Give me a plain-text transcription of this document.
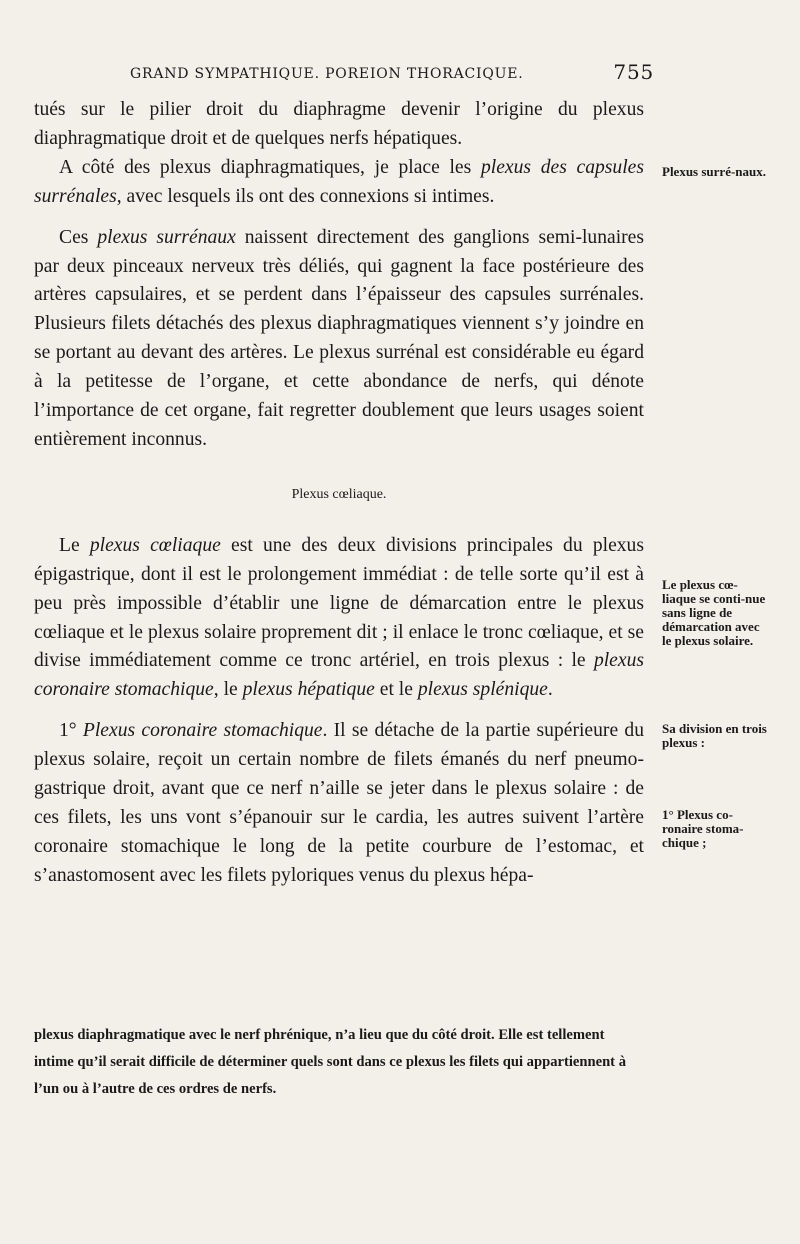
GRAND SYMPATHIQUE. POREION THORACIQUE.	755

tués sur le pilier droit du diaphragme devenir l’origine du plexus diaphragmatique droit et de quelques nerfs hépatiques.

A côté des plexus diaphragmatiques, je place les plexus des capsules surrénales, avec lesquels ils ont des connexions si intimes.

Ces plexus surrénaux naissent directement des ganglions semi-lunaires par deux pinceaux nerveux très déliés, qui gagnent la face postérieure des artères capsulaires, et se perdent dans l’épaisseur des capsules surrénales. Plusieurs filets détachés des plexus diaphragmatiques viennent s’y joindre en se portant au devant des artères. Le plexus surrénal est considérable eu égard à la petitesse de l’organe, et cette abondance de nerfs, qui dénote l’importance de cet organe, fait regretter doublement que leurs usages soient entièrement inconnus.

Plexus cœliaque.

Le plexus cœliaque est une des deux divisions principales du plexus épigastrique, dont il est le prolongement immédiat : de telle sorte qu’il est à peu près impossible d’établir une ligne de démarcation entre le plexus cœliaque et le plexus solaire proprement dit ; il enlace le tronc cœliaque, et se divise immédiatement comme ce tronc artériel, en trois plexus : le plexus coronaire stomachique, le plexus hépatique et le plexus splénique.

1° Plexus coronaire stomachique. Il se détache de la partie supérieure du plexus solaire, reçoit un certain nombre de filets émanés du nerf pneumo-gastrique droit, avant que ce nerf n’aille se jeter dans le plexus solaire : de ces filets, les uns vont s’épanouir sur le cardia, les autres suivent l’artère coronaire stomachique le long de la petite courbure de l’estomac, et s’anastomosent avec les filets pyloriques venus du plexus hépa-

plexus diaphragmatique avec le nerf phrénique, n’a lieu que du côté droit. Elle est tellement intime qu’il serait difficile de déterminer quels sont dans ce plexus les filets qui appartiennent à l’un ou à l’autre de ces ordres de nerfs.

Plexus surré-naux.

Le plexus cœ-liaque se conti-nue sans ligne de démarcation avec le plexus solaire.

Sa division en trois plexus :

1° Plexus co-ronaire stoma-chique ;
